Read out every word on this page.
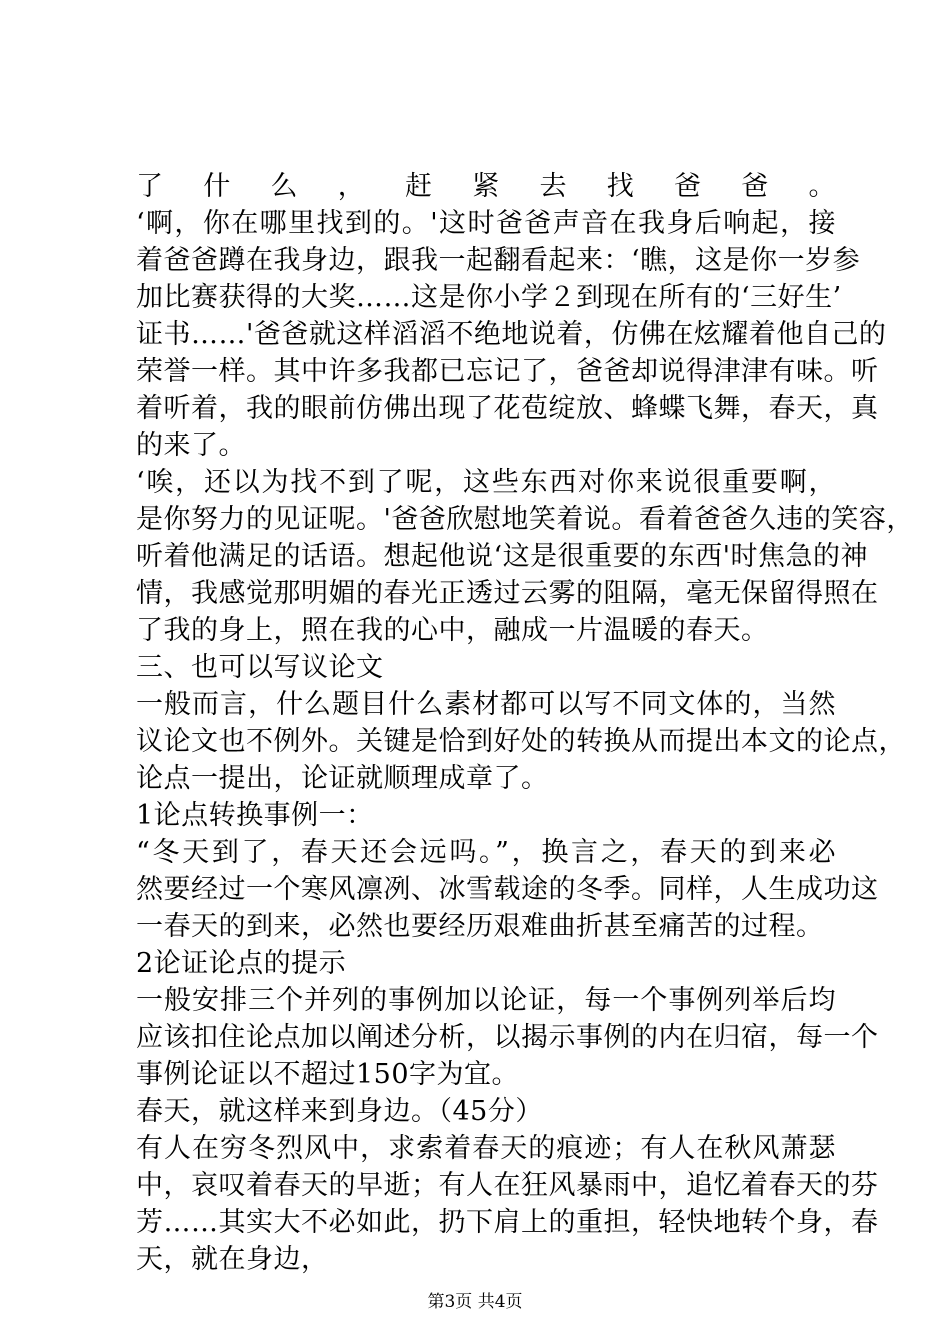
了什么，赶紧去找爸爸。
‘啊，你在哪里找到的。'这时爸爸声音在我身后响起，接
着爸爸蹲在我身边，跟我一起翻看起来：‘瞧，这是你一岁参
加比赛获得的大奖……这是你小学２到现在所有的‘三好生’
证书……'爸爸就这样滔滔不绝地说着，仿佛在炫耀着他自己的
荣誉一样。其中许多我都已忘记了，爸爸却说得津津有味。听
着听着，我的眼前仿佛出现了花苞绽放、蜂蝶飞舞，春天，真
的来了。
‘唉，还以为找不到了呢，这些东西对你来说很重要啊，
是你努力的见证呢。'爸爸欣慰地笑着说。看着爸爸久违的笑容，
听着他满足的话语。想起他说‘这是很重要的东西'时焦急的神
情，我感觉那明媚的春光正透过云雾的阻隔，毫无保留得照在
了我的身上，照在我的心中，融成一片温暖的春天。
三、也可以写议论文
一般而言，什么题目什么素材都可以写不同文体的，当然
议论文也不例外。关键是恰到好处的转换从而提出本文的论点，
论点一提出，论证就顺理成章了。
1论点转换事例一：
“冬天到了，春天还会远吗。”，换言之，春天的到来必
然要经过一个寒风凛冽、冰雪载途的冬季。同样，人生成功这
一春天的到来，必然也要经历艰难曲折甚至痛苦的过程。
2论证论点的提示
一般安排三个并列的事例加以论证，每一个事例列举后均
应该扣住论点加以阐述分析，以揭示事例的内在归宿，每一个
事例论证以不超过150字为宜。
春天，就这样来到身边。（45分）
有人在穷冬烈风中，求索着春天的痕迹；有人在秋风萧瑟
中，哀叹着春天的早逝；有人在狂风暴雨中，追忆着春天的芬
芳……其实大不必如此，扔下肩上的重担，轻快地转个身，春
天，就在身边，
第3页 共4页
